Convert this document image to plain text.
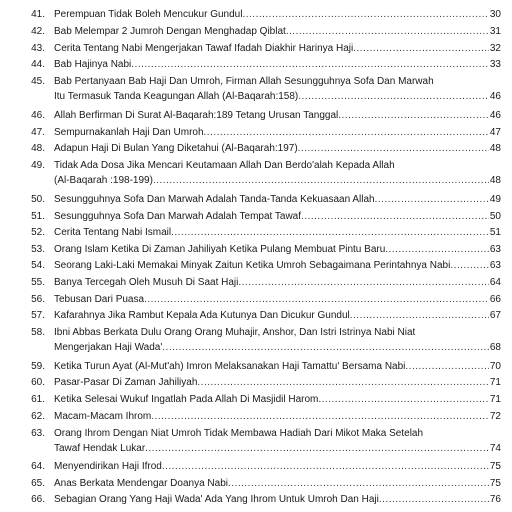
41. Perempuan Tidak Boleh Mencukur Gundul .....	30
42. Bab Melempar 2 Jumroh Dengan Menghadap Qiblat .....	31
43. Cerita Tentang Nabi Mengerjakan Tawaf Ifadah Diakhir Harinya Haji .....	32
44. Bab Hajinya Nabi .....	33
45. Bab Pertanyaan Bab Haji Dan Umroh, Firman Allah Sesungguhnya Sofa Dan Marwah
Itu Termasuk Tanda Keagungan Allah (Al-Baqarah:158) .....	46
46. Allah Berfirman Di Surat Al-Baqarah:189 Tetang Urusan Tanggal .....	46
47. Sempurnakanlah Haji Dan Umroh .....	47
48. Adapun Haji Di Bulan Yang Diketahui (Al-Baqarah:197) .....	48
49. Tidak Ada Dosa Jika Mencari Keutamaan Allah Dan Berdo'alah Kepada Allah
(Al-Baqarah :198-199) .....	48
50. Sesungguhnya Sofa Dan Marwah Adalah Tanda-Tanda Kekuasaan Allah .....	49
51. Sesungguhnya Sofa Dan Marwah Adalah Tempat Tawaf .....	50
52. Cerita Tentang Nabi Ismail .....	51
53. Orang Islam Ketika Di Zaman Jahiliyah Ketika Pulang Membuat Pintu Baru .....	63
54. Seorang Laki-Laki Memakai Minyak Zaitun Ketika Umroh Sebagaimana Perintahnya Nabi .....	63
55. Banya Tercegah Oleh Musuh Di Saat Haji .....	64
56. Tebusan Dari Puasa .....	66
57. Kafarahnya Jika Rambut Kepala Ada Kutunya Dan Dicukur Gundul .....	67
58. Ibni Abbas Berkata Dulu Orang Orang Muhajir, Anshor, Dan Istri Istrinya Nabi Niat
Mengerjakan Haji Wada' .....	68
59. Ketika Turun Ayat (Al-Mut'ah) Imron Melaksanakan Haji Tamattu' Bersama Nabi .....	70
60. Pasar-Pasar Di Zaman Jahiliyah .....	71
61. Ketika Selesai Wukuf Ingatlah Pada Allah Di Masjidil Harom .....	71
62. Macam-Macam Ihrom .....	72
63. Orang Ihrom Dengan Niat Umroh Tidak Membawa Hadiah Dari Mikot Maka Setelah
Tawaf Hendak Lukar .....	74
64. Menyendirikan Haji Ifrod .....	75
65. Anas Berkata Mendengar Doanya Nabi .....	75
66. Sebagian Orang Yang Haji Wada' Ada Yang Ihrom Untuk Umroh Dan Haji .....	76
